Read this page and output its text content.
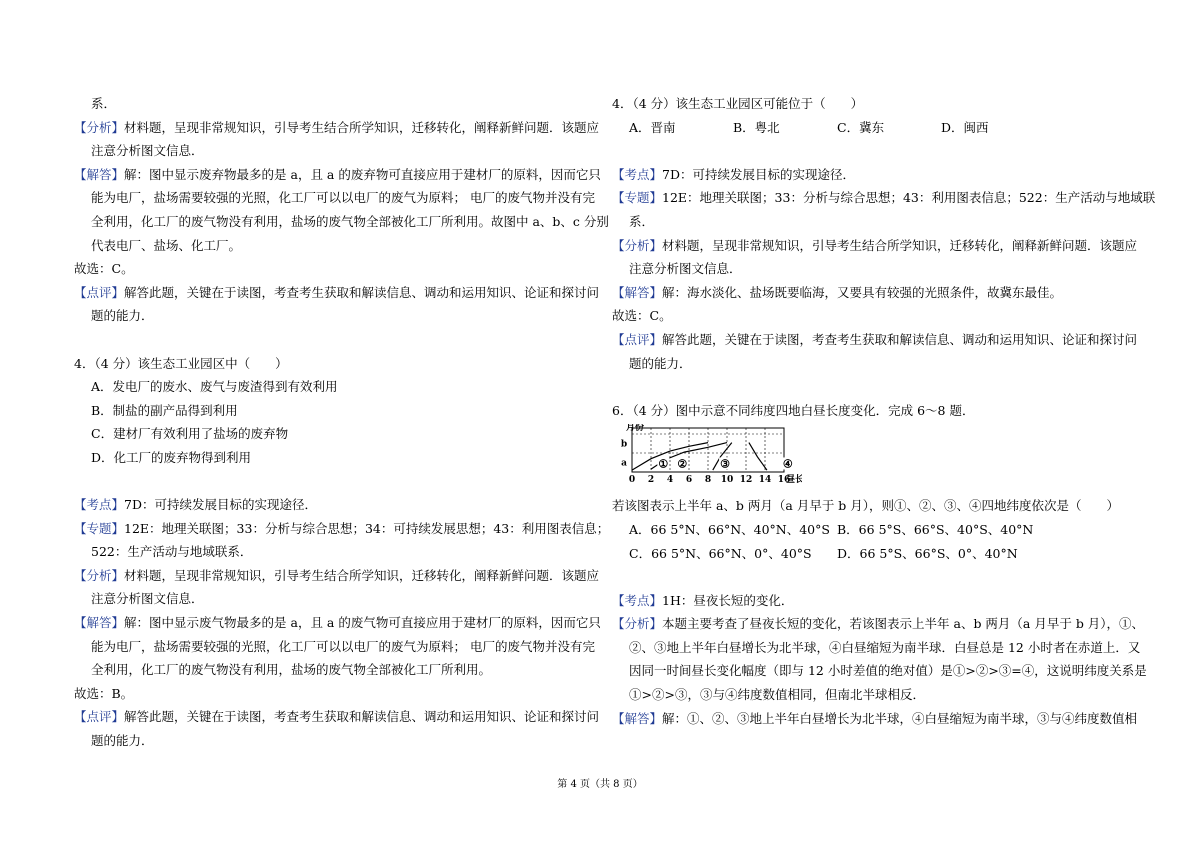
系．
【分析】材料题，呈现非常规知识，引导考生结合所学知识，迁移转化，阐释新鲜问题．该题应
注意分析图文信息．
【解答】解：图中显示废弃物最多的是 a，且 a 的废弃物可直接应用于建材厂的原料，因而它只
能为电厂，盐场需要较强的光照，化工厂可以以电厂的废气为原料； 电厂的废气物并没有完
全利用，化工厂的废气物没有利用，盐场的废气物全部被化工厂所利用。故图中 a、b、c 分别
代表电厂、盐场、化工厂。
故选：C。
【点评】解答此题，关键在于读图，考查考生获取和解读信息、调动和运用知识、论证和探讨问
题的能力．
4．（4 分）该生态工业园区中（　　）
A．发电厂的废水、废气与废渣得到有效利用
B．制盐的副产品得到利用
C．建材厂有效利用了盐场的废弃物
D．化工厂的废弃物得到利用
【考点】7D：可持续发展目标的实现途径．
【专题】12E：地理关联图；33：分析与综合思想；34：可持续发展思想；43：利用图表信息；
522：生产活动与地域联系．
【分析】材料题，呈现非常规知识，引导考生结合所学知识，迁移转化，阐释新鲜问题．该题应
注意分析图文信息．
【解答】解：图中显示废气物最多的是 a，且 a 的废气物可直接应用于建材厂的原料，因而它只
能为电厂，盐场需要较强的光照，化工厂可以以电厂的废气为原料； 电厂的废气物并没有完
全利用，化工厂的废气物没有利用，盐场的废气物全部被化工厂所利用。
故选：B。
【点评】解答此题，关键在于读图，考查考生获取和解读信息、调动和运用知识、论证和探讨问
题的能力．
4．（4 分）该生态工业园区可能位于（　　）
A．晋南	B．粤北	C．冀东	D．闽西
【考点】7D：可持续发展目标的实现途径．
【专题】12E：地理关联图；33：分析与综合思想；43：利用图表信息；522：生产活动与地域联
系．
【分析】材料题，呈现非常规知识，引导考生结合所学知识，迁移转化，阐释新鲜问题．该题应
注意分析图文信息．
【解答】解：海水淡化、盐场既要临海，又要具有较强的光照条件，故冀东最佳。
故选：C。
【点评】解答此题，关键在于读图，考查考生获取和解读信息、调动和运用知识、论证和探讨问
题的能力．
6．（4 分）图中示意不同纬度四地白昼长度变化．完成 6～8 题．
0 2 4 6 8 10 12 14 16
a
b
月份
昼长
① ②	③	④
若该图表示上半年 a、b 两月（a 月早于 b 月），则①、②、③、④四地纬度依次是（　　）
A．66 5°N、66°N、40°N、40°S B．66 5°S、66°S、40°S、40°N
C．66 5°N、66°N、0°、40°S D．66 5°S、66°S、0°、40°N
【考点】1H：昼夜长短的变化．
【分析】本题主要考查了昼夜长短的变化，若该图表示上半年 a、b 两月（a 月早于 b 月），①、
②、③地上半年白昼增长为北半球，④白昼缩短为南半球．白昼总是 12 小时者在赤道上．又
因同一时间昼长变化幅度（即与 12 小时差值的绝对值）是①>②>③=④，这说明纬度关系是
①>②>③，③与④纬度数值相同，但南北半球相反．
【解答】解：①、②、③地上半年白昼增长为北半球，④白昼缩短为南半球，③与④纬度数值相
第 4 页（共 8 页）
